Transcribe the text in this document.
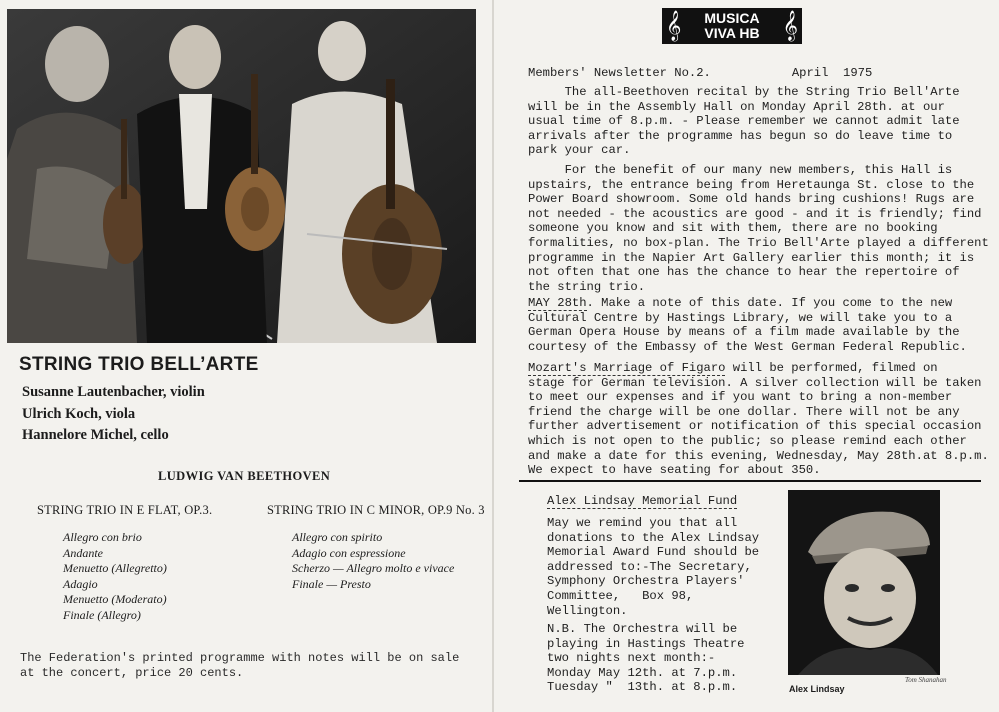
STRING TRIO BELL’ARTE
Susanne Lautenbacher, violin
Ulrich Koch, viola
Hannelore Michel, cello
LUDWIG VAN BEETHOVEN
STRING TRIO IN E FLAT, OP.3.
Allegro con brio
Andante
Menuetto (Allegretto)
Adagio
Menuetto (Moderato)
Finale (Allegro)
STRING TRIO IN C MINOR, OP.9 No. 3
Allegro con spirito
Adagio con espressione
Scherzo — Allegro molto e vivace
Finale — Presto
The Federation's printed programme with notes will be on sale
at the concert, price 20 cents.
𝄞	MUSICA
VIVA HB 𝄞
Members' Newsletter No.2.	April  1975
The all-Beethoven recital by the String Trio Bell'Arte
will be in the Assembly Hall on Monday April 28th. at our
usual time of 8.p.m. - Please remember we cannot admit late
arrivals after the programme has begun so do leave time to
park your car.
For the benefit of our many new members, this Hall is
upstairs, the entrance being from Heretaunga St. close to the
Power Board showroom. Some old hands bring cushions! Rugs are
not needed - the acoustics are good - and it is friendly; find
someone you know and sit with them, there are no booking
formalities, no box-plan. The Trio Bell'Arte played a different
programme in the Napier Art Gallery earlier this month; it is
not often that one has the chance to hear the repertoire of
the string trio.
MAY 28th. Make a note of this date. If you come to the new
Cultural Centre by Hastings Library, we will take you to a
German Opera House by means of a film made available by the
courtesy of the Embassy of the West German Federal Republic.
Mozart's Marriage of Figaro will be performed, filmed on
stage for German television. A silver collection will be taken
to meet our expenses and if you want to bring a non-member
friend the charge will be one dollar. There will not be any
further advertisement or notification of this special occasion
which is not open to the public; so please remind each other
and make a date for this evening, Wednesday, May 28th.at 8.p.m.
We expect to have seating for about 350.
Alex Lindsay Memorial Fund
May we remind you that all
donations to the Alex Lindsay
Memorial Award Fund should be
addressed to:-The Secretary,
Symphony Orchestra Players'
Committee,   Box 98,
Wellington.
N.B. The Orchestra will be
playing in Hastings Theatre
two nights next month:-
Monday May 12th. at 7.p.m.
Tuesday "  13th. at 8.p.m.
Tom Shanahan
Alex Lindsay
